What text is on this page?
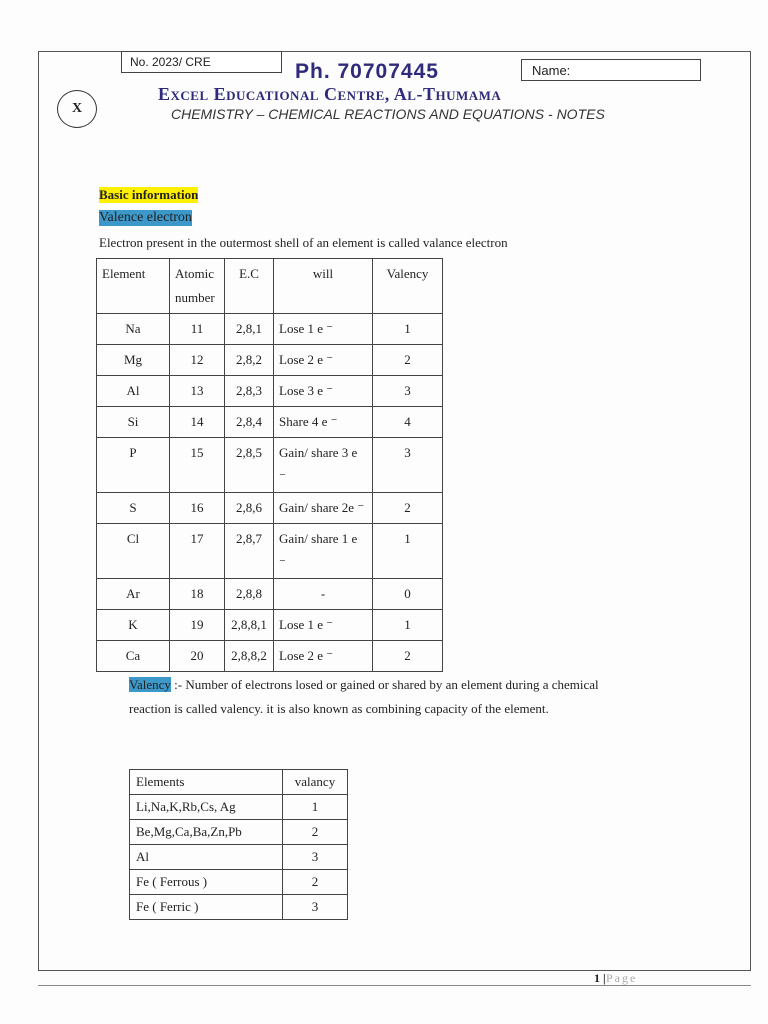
No. 2023/ CRE	Ph. 70707445	Name:
X
Excel Educational Centre, Al-Thumama
CHEMISTRY – CHEMICAL REACTIONS AND EQUATIONS - NOTES
Basic information
Valence electron
Electron present in the outermost shell of an element is called valance electron
Element	Atomic number	E.C	will	Valency
Na	11	2,8,1	Lose 1 e ⁻	1
Mg	12	2,8,2	Lose 2 e ⁻	2
Al	13	2,8,3	Lose 3 e ⁻	3
Si	14	2,8,4	Share 4 e ⁻	4
P	15	2,8,5	Gain/ share 3 e ⁻	3
S	16	2,8,6	Gain/ share 2e ⁻	2
Cl	17	2,8,7	Gain/ share 1 e ⁻	1
Ar	18	2,8,8	-	0
K	19	2,8,8,1	Lose 1 e ⁻	1
Ca	20	2,8,8,2	Lose 2 e ⁻	2
Valency :- Number of electrons losed or gained or shared by an element during a chemical reaction is called valency. it is also known as combining capacity of the element.
Elements	valancy
Li,Na,K,Rb,Cs, Ag	1
Be,Mg,Ca,Ba,Zn,Pb	2
Al	3
Fe ( Ferrous )	2
Fe ( Ferric )	3
1 | Page
